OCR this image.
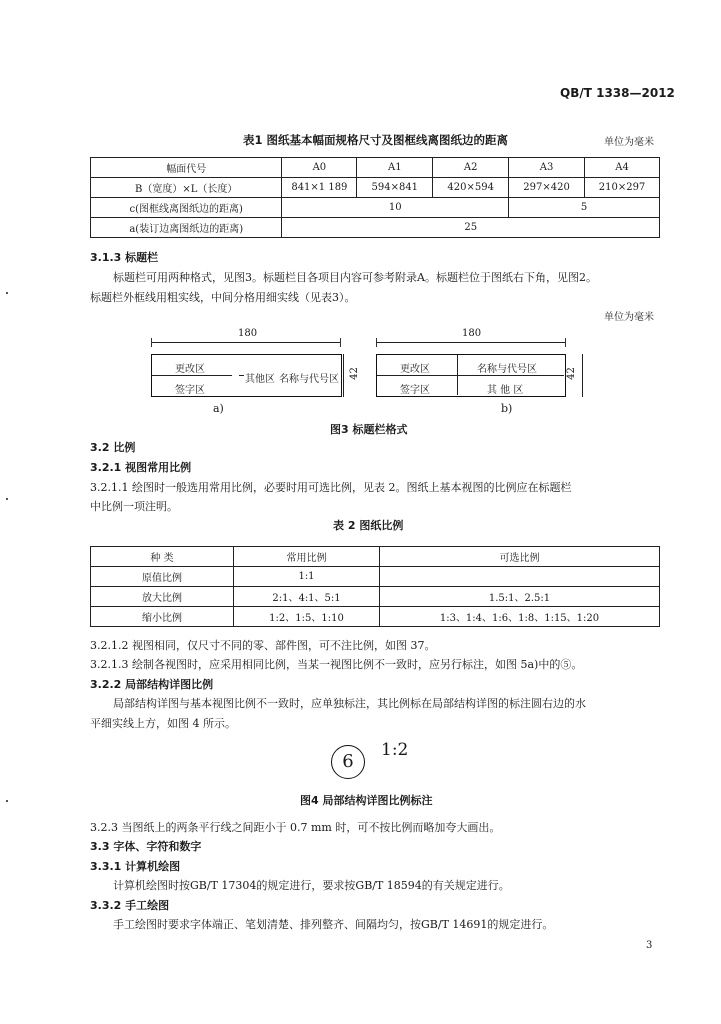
QB/T 1338—2012
表1 图纸基本幅面规格尺寸及图框线离图纸边的距离	单位为毫米
幅面代号	A0	A1	A2	A3	A4
B（宽度）×L（长度）	841×1 189	594×841	420×594	297×420	210×297
c(图框线离图纸边的距离)	10			5	
a(装订边离图纸边的距离)	25				
3.1.3 标题栏
标题栏可用两种格式，见图3。标题栏目各项目内容可参考附录A。标题栏位于图纸右下角，见图2。
标题栏外框线用粗实线，中间分格用细实线（见表3）。
单位为毫米
180
更改区
签字区
其他区 名称与代号区 42
a)
180
更改区
签字区
名称与代号区
其 他 区
42
b)
图3 标题栏格式
3.2 比例
3.2.1 视图常用比例
3.2.1.1 绘图时一般选用常用比例，必要时用可选比例，见表 2。图纸上基本视图的比例应在标题栏
中比例一项注明。
表 2 图纸比例
种 类	常用比例	可选比例
原值比例	1:1	
放大比例	2:1、4:1、5:1	1.5:1、2.5:1
缩小比例	1:2、1:5、1:10	1:3、1:4、1:6、1:8、1:15、1:20
3.2.1.2 视图相同，仅尺寸不同的零、部件图，可不注比例，如图 37。
3.2.1.3 绘制各视图时，应采用相同比例，当某一视图比例不一致时，应另行标注，如图 5a)中的⑤。
3.2.2 局部结构详图比例
局部结构详图与基本视图比例不一致时，应单独标注，其比例标在局部结构详图的标注圆右边的水
平细实线上方，如图 4 所示。
6
1:2
图4 局部结构详图比例标注
3.2.3 当图纸上的两条平行线之间距小于 0.7 mm 时，可不按比例而略加夸大画出。
3.3 字体、字符和数字
3.3.1 计算机绘图
计算机绘图时按GB/T 17304的规定进行，要求按GB/T 18594的有关规定进行。
3.3.2 手工绘图
手工绘图时要求字体端正、笔划清楚、排列整齐、间隔均匀，按GB/T 14691的规定进行。
3
